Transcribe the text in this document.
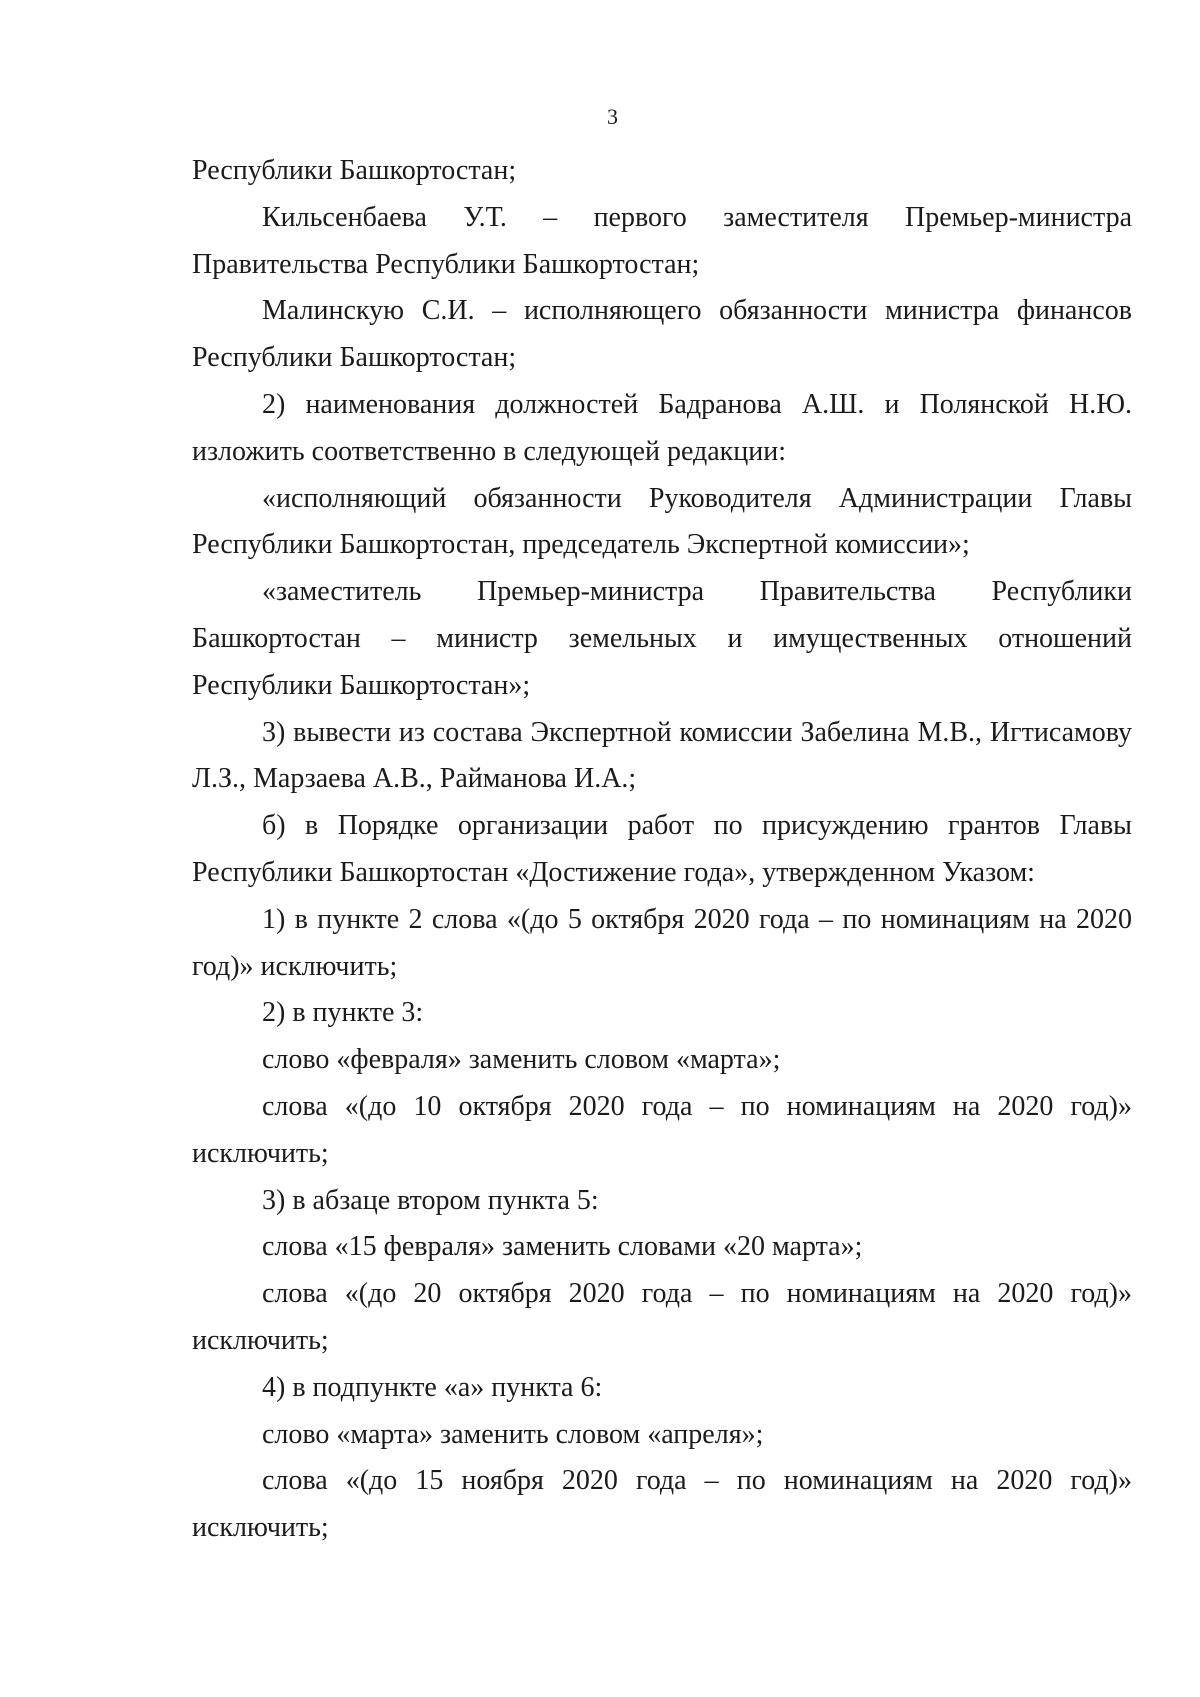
3

Республики Башкортостан;

Кильсенбаева У.Т. – первого заместителя Премьер-министра Правительства Республики Башкортостан;

Малинскую С.И. – исполняющего обязанности министра финансов Республики Башкортостан;

2) наименования должностей Бадранова А.Ш. и Полянской Н.Ю. изложить соответственно в следующей редакции:

«исполняющий обязанности Руководителя Администрации Главы Республики Башкортостан, председатель Экспертной комиссии»;

«заместитель Премьер-министра Правительства Республики Башкортостан – министр земельных и имущественных отношений Республики Башкортостан»;

3) вывести из состава Экспертной комиссии Забелина М.В., Игтисамову Л.З., Марзаева А.В., Райманова И.А.;

б) в Порядке организации работ по присуждению грантов Главы Республики Башкортостан «Достижение года», утвержденном Указом:

1) в пункте 2 слова «(до 5 октября 2020 года – по номинациям на 2020 год)» исключить;

2) в пункте 3:

слово «февраля» заменить словом «марта»;

слова «(до 10 октября 2020 года – по номинациям на 2020 год)» исключить;

3) в абзаце втором пункта 5:

слова «15 февраля» заменить словами «20 марта»;

слова «(до 20 октября 2020 года – по номинациям на 2020 год)» исключить;

4) в подпункте «а» пункта 6:

слово «марта» заменить словом «апреля»;

слова «(до 15 ноября 2020 года – по номинациям на 2020 год)» исключить;
